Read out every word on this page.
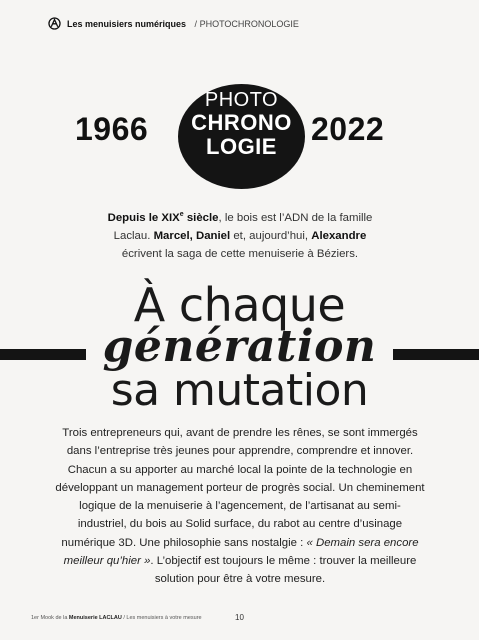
Les menuisiers numériques / PHOTOCHRONOLOGIE
1966
PHOTO
CHRONO
LOGIE	2022
Depuis le XIXe siècle, le bois est l’ADN de la famille Laclau. Marcel, Daniel et, aujourd’hui, Alexandre écrivent la saga de cette menuiserie à Béziers.
À chaque
génération
sa mutation
Trois entrepreneurs qui, avant de prendre les rênes, se sont immergés dans l’entreprise très jeunes pour apprendre, comprendre et innover. Chacun a su apporter au marché local la pointe de la technologie en développant un management porteur de progrès social. Un cheminement logique de la menuiserie à l’agencement, de l’artisanat au semi-industriel, du bois au Solid surface, du rabot au centre d’usinage numérique 3D. Une philosophie sans nostalgie : « Demain sera encore meilleur qu’hier ». L’objectif est toujours le même : trouver la meilleure solution pour être à votre mesure.
1er Mook de la Menuiserie LACLAU / Les menuisiers à votre mesure	10
